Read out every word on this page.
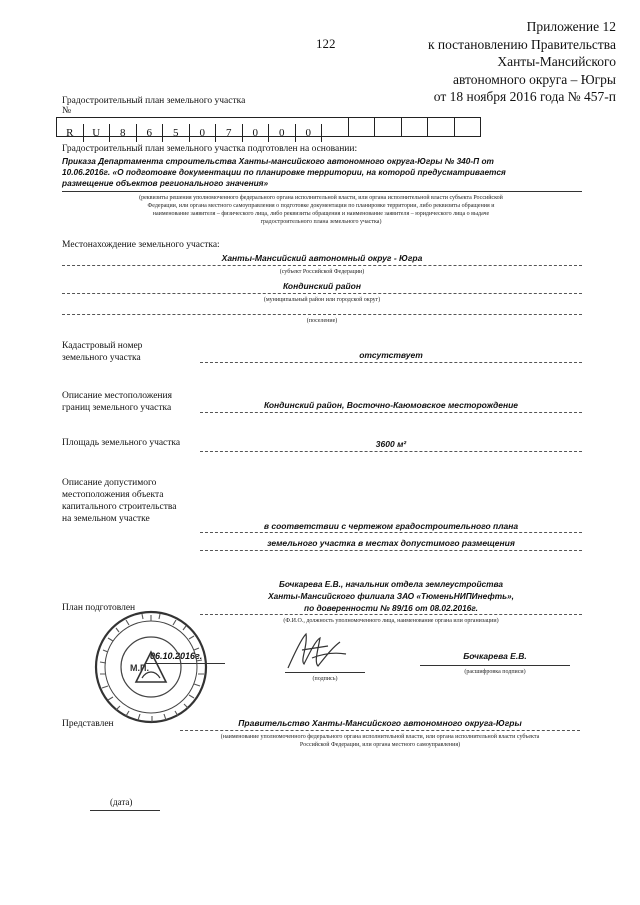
122
Приложение 12
к постановлению Правительства
Ханты-Мансийского
автономного округа – Югры
от 18 ноября 2016 года № 457-п
Градостроительный план земельного участка
№
R U 8 6 5 0 7 0 0 0
Градостроительный план земельного участка подготовлен на основании:
Приказа Департамента строительства Ханты-мансийского автономного округа-Югры № 340-П от
10.06.2016г. «О подготовке документации по планировке территории, на которой предусматривается
размещение объектов регионального значения»
(реквизиты решения уполномоченного федерального органа исполнительной власти, или органа исполнительной власти субъекта Российской
Федерации, или органа местного самоуправления о подготовке документации по планировке территории, либо реквизиты обращения и
наименование заявителя – физического лица, либо реквизиты обращения и наименование заявителя – юридического лица о выдаче
градостроительного плана земельного участка)
Местонахождение земельного участка:
Ханты-Мансийский автономный округ - Югра
(субъект Российской Федерации)
Кондинский район
(муниципальный район или городской округ)
(поселение)
Кадастровый номер
земельного участка	отсутствует
Описание местоположения
границ земельного участка	Кондинский район, Восточно-Каюмовское месторождение
Площадь земельного участка	3600 м²
Описание допустимого
местоположения объекта
капитального строительства
на земельном участке
в соответствии с чертежом градостроительного плана
земельного участка в местах допустимого размещения
План подготовлен
Бочкарева Е.В., начальник отдела землеустройства
Ханты-Мансийского филиала ЗАО «ТюменьНИПИнефть»,
по доверенности № 89/16 от 08.02.2016г.
(Ф.И.О., должность уполномоченного лица, наименование органа или организации)
06.10.2016г.
(подпись)
Бочкарева Е.В.
(расшифровка подписи)
М.П.
Представлен	Правительство Ханты-Мансийского автономного округа-Югры
(наименование уполномоченного федерального органа исполнительной власти, или органа исполнительной власти субъекта
Российской Федерации, или органа местного самоуправления)
(дата)
